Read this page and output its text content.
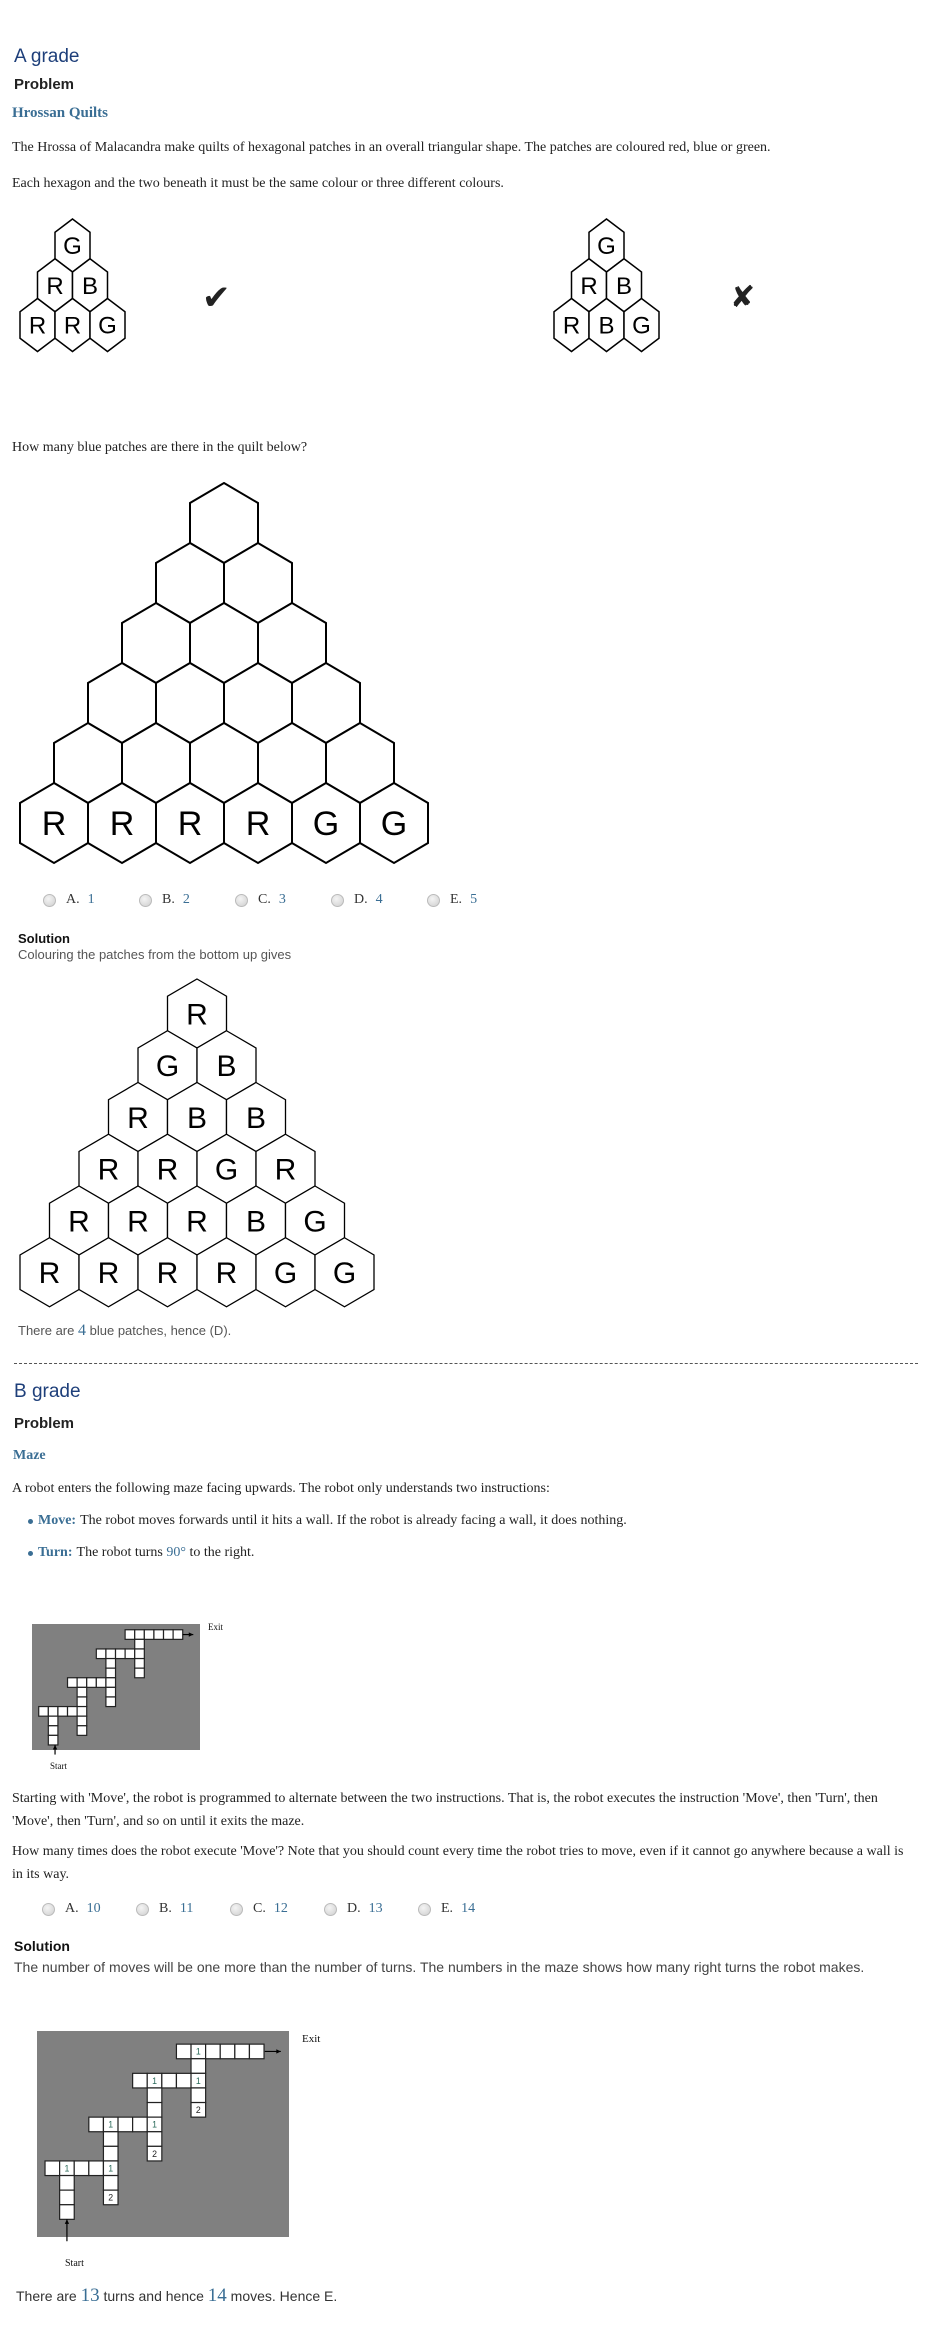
A grade
Problem
Hrossan Quilts
The Hrossa of Malacandra make quilts of hexagonal patches in an overall triangular shape. The patches are coloured red, blue or green.
Each hexagon and the two beneath it must be the same colour or three different colours.
G
R B
R R G
✔
G
R B
R B G
✘
How many blue patches are there in the quilt below?
R R R R G G
A. 1	B. 2	C. 3	D. 4	E. 5
Solution
Colouring the patches from the bottom up gives
R
G B
R B B
R R G R
R R R B G
R R R R G G
There are 4 blue patches, hence (D).
B grade
Problem
Maze
A robot enters the following maze facing upwards. The robot only understands two instructions:
Move: The robot moves forwards until it hits a wall. If the robot is already facing a wall, it does nothing.
Turn: The robot turns
90°
to the right.
Exit
Start
Starting with 'Move', the robot is programmed to alternate between the two instructions. That is, the robot executes the instruction 'Move', then 'Turn', then 'Move', then 'Turn', and so on until it exits the maze.
How many times does the robot execute 'Move'? Note that you should count every time the robot tries to move, even if it cannot go anywhere because a wall is in its way.
A. 10	B. 11	C. 12	D. 13	E. 14
Solution
The number of moves will be one more than the number of turns. The numbers in the maze shows how many right turns the robot makes.
1
1	1
2
1	1
2
1	1
2
Exit
Start
There are 13 turns and hence 14 moves. Hence E.
